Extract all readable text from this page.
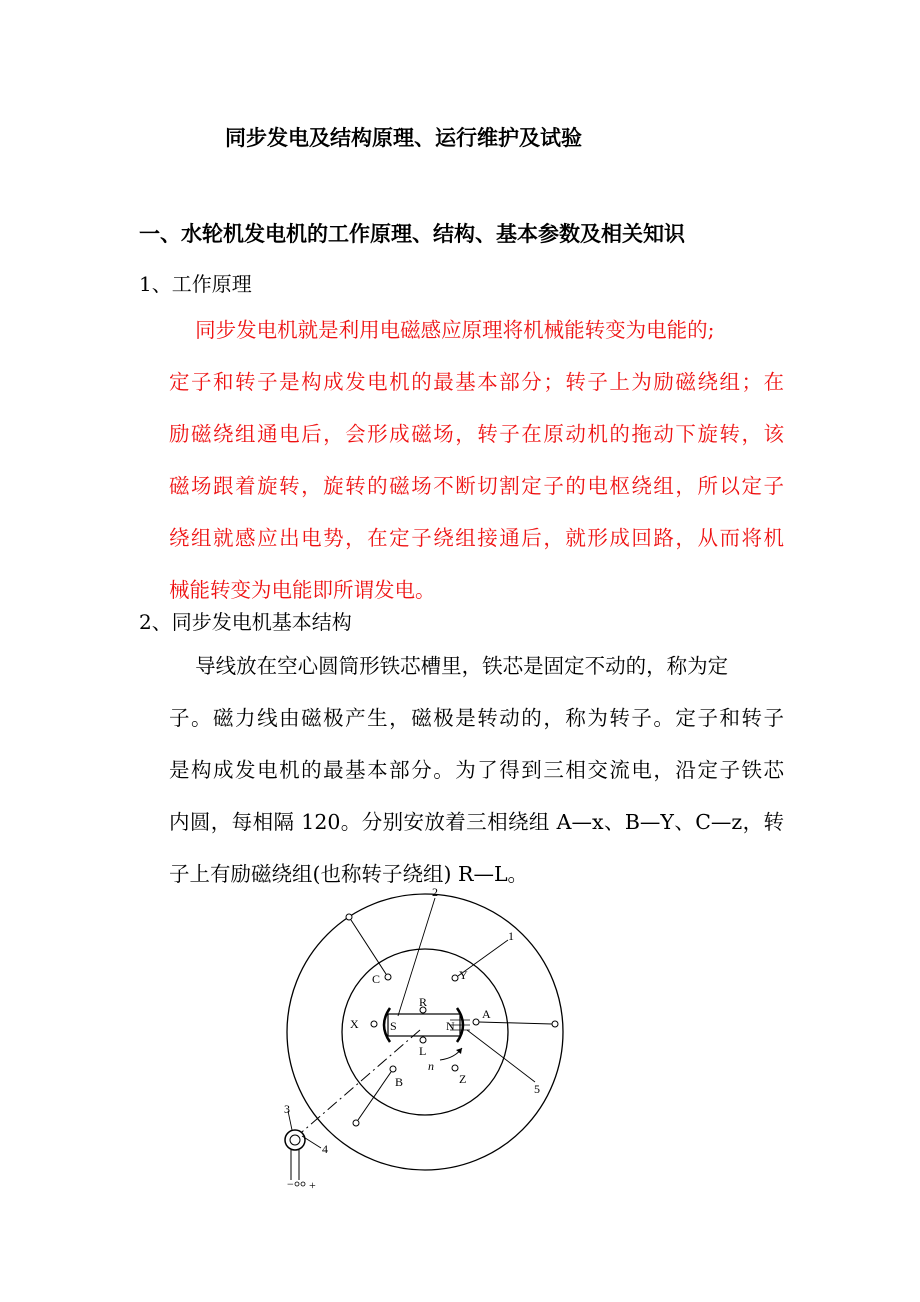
同步发电及结构原理、运行维护及试验
一、水轮机发电机的工作原理、结构、基本参数及相关知识
1、工作原理
同步发电机就是利用电磁感应原理将机械能转变为电能的;
定子和转子是构成发电机的最基本部分；转子上为励磁绕组；在
励磁绕组通电后，会形成磁场，转子在原动机的拖动下旋转，该
磁场跟着旋转，旋转的磁场不断切割定子的电枢绕组，所以定子
绕组就感应出电势，在定子绕组接通后，就形成回路，从而将机
械能转变为电能即所谓发电。
2、同步发电机基本结构
导线放在空心圆筒形铁芯槽里，铁芯是固定不动的，称为定
子。磁力线由磁极产生，磁极是转动的，称为转子。定子和转子
是构成发电机的最基本部分。为了得到三相交流电，沿定子铁芯
内圆，每相隔 120。分别安放着三相绕组 A—x、B—Y、C—z，转
子上有励磁绕组(也称转子绕组) R—L。
2
1
3
4
5
C	Y
X
A
B	Z
R
L
S	N
n
− +
